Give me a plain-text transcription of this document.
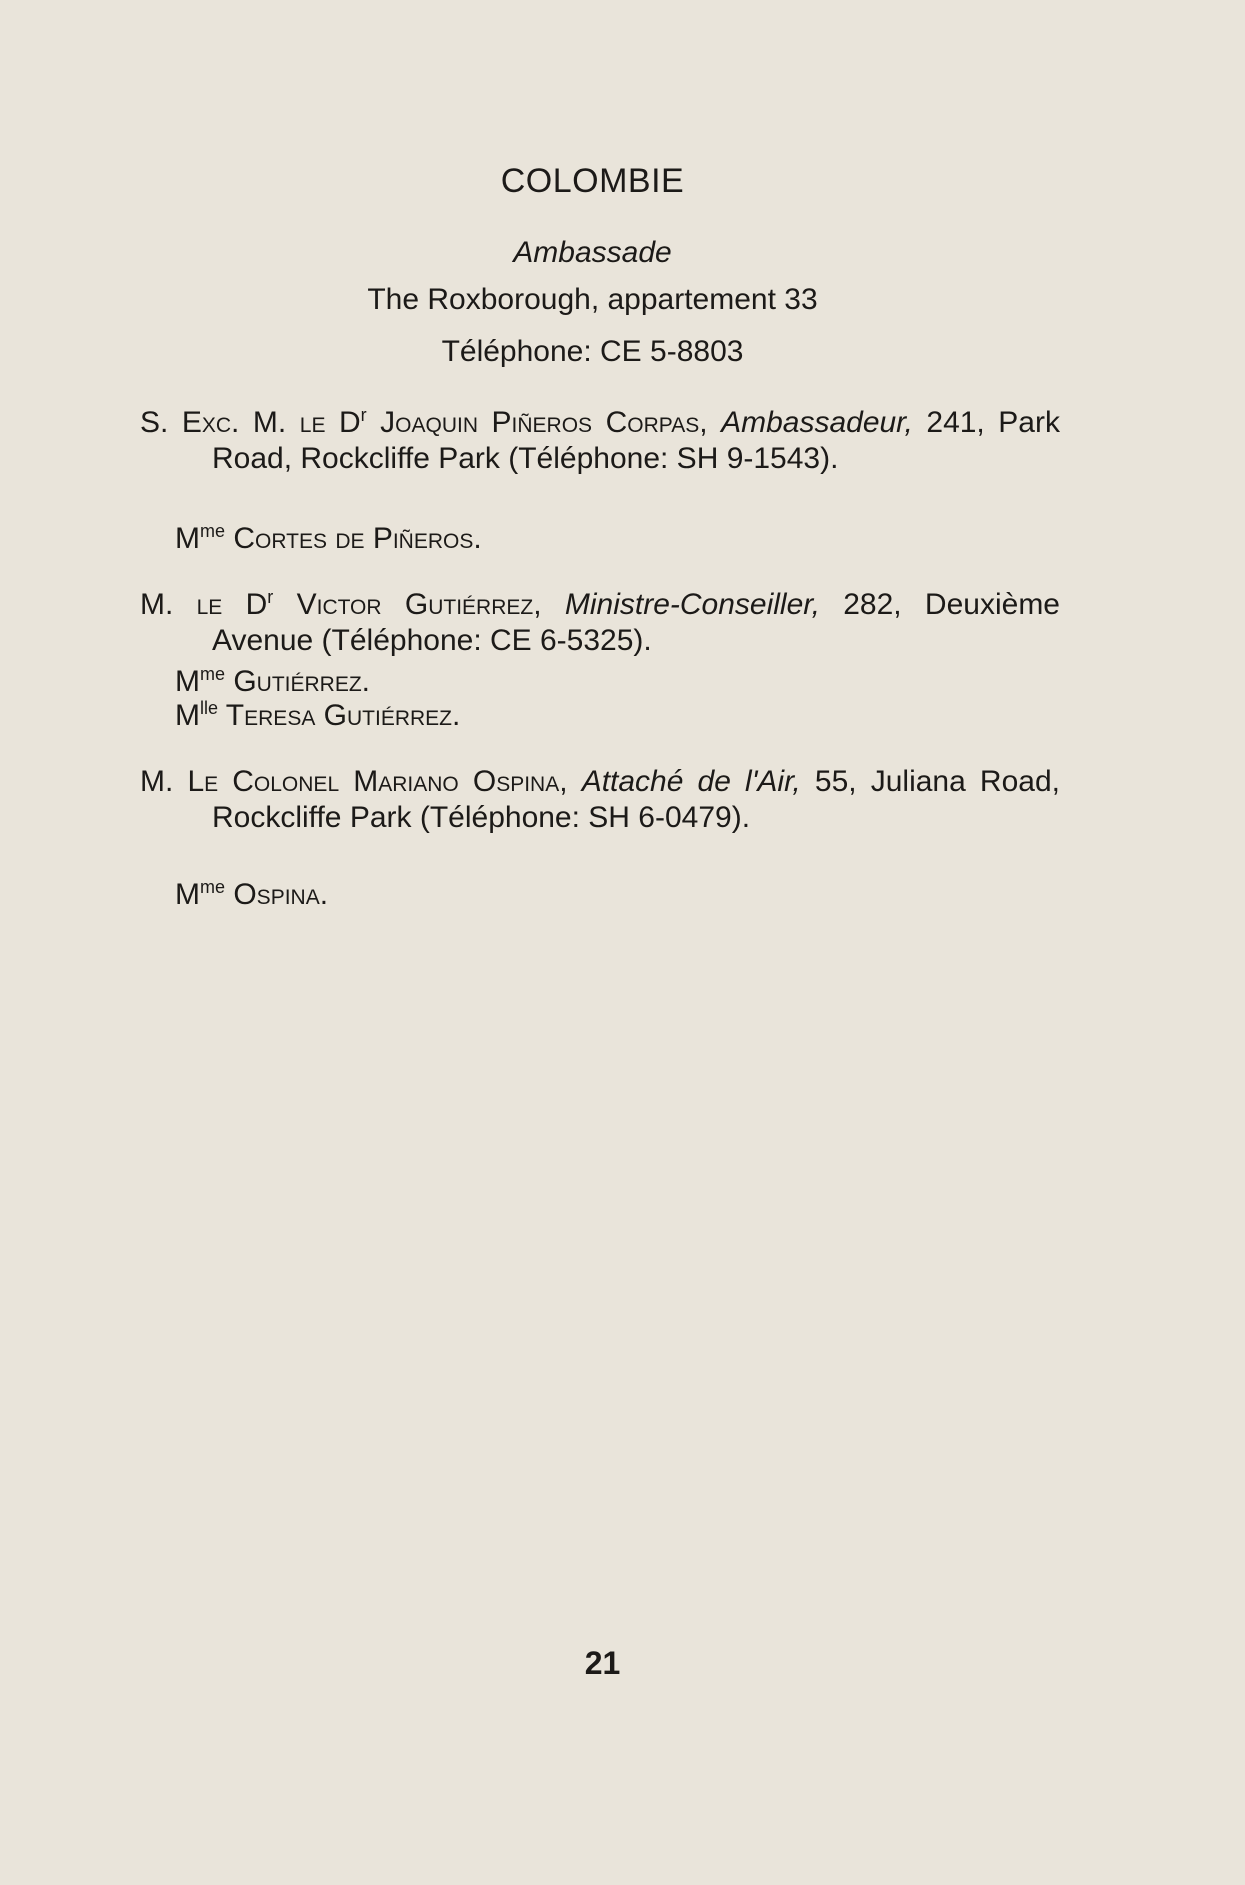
COLOMBIE
Ambassade
The Roxborough, appartement 33
Téléphone: CE 5-8803
S. Exc. M. le $D^r$ Joaquin Piñeros Corpas, Ambassadeur, 241, Park Road, Rockcliffe Park (Téléphone: SH 9-1543).
$M^{me}$ Cortes de Piñeros.
M. le $D^r$ Victor Gutiérrez, Ministre-Conseiller, 282, Deuxième Avenue (Téléphone: CE 6-5325).
$M^{me}$ Gutiérrez.
$M^{lle}$ Teresa Gutiérrez.
M. Le Colonel Mariano Ospina, Attaché de l'Air, 55, Juliana Road, Rockcliffe Park (Téléphone: SH 6-0479).
$M^{me}$ Ospina.
21
